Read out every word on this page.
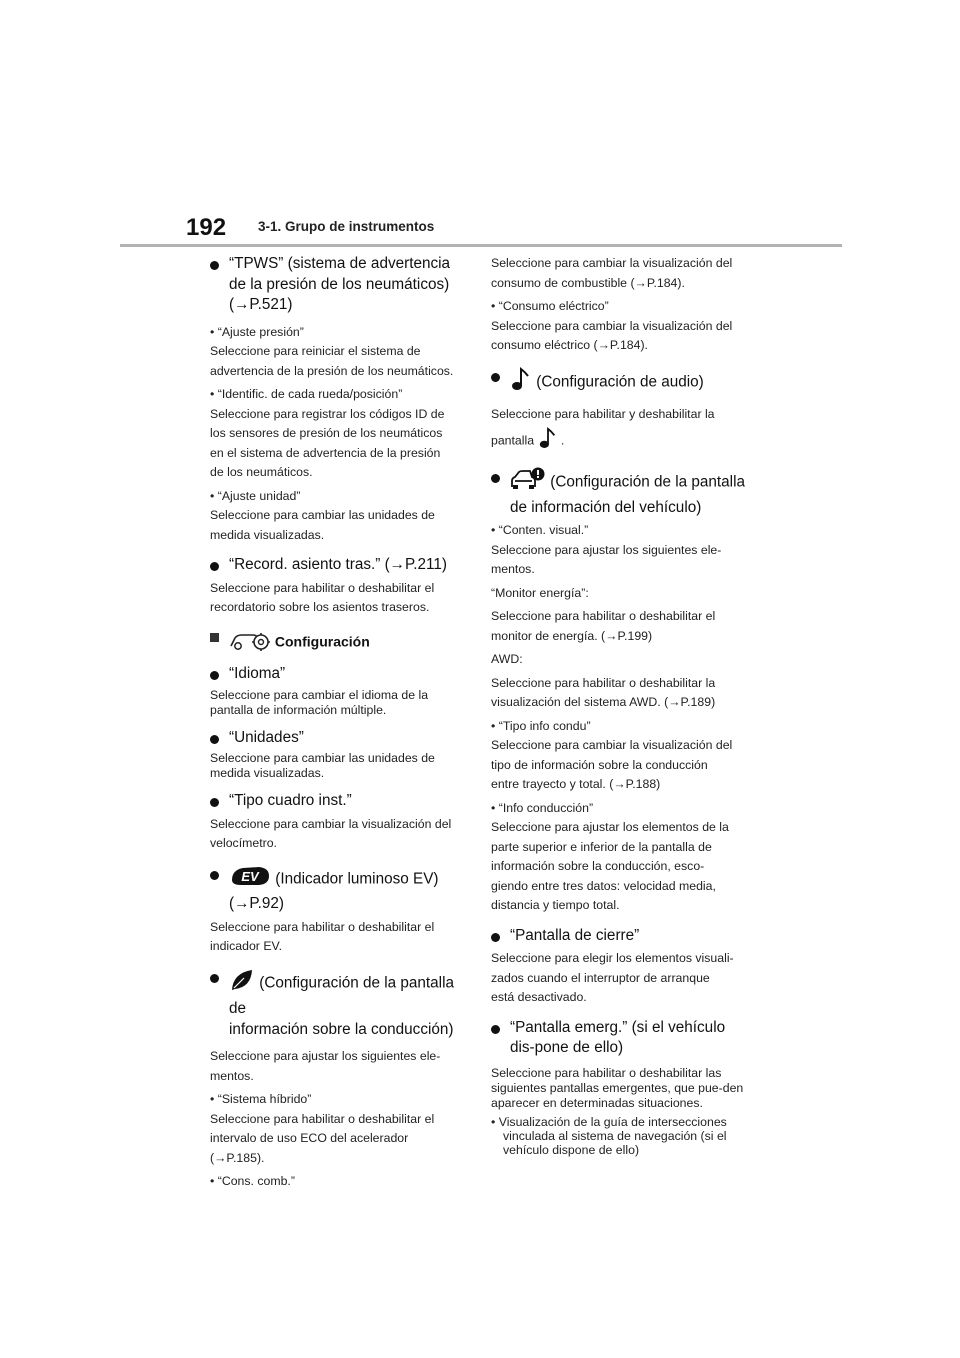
192 3-1. Grupo de instrumentos
“TPWS” (sistema de advertencia de la presión de los neumáticos)
(→P.521)

• “Ajuste presión”

Seleccione para reiniciar el sistema de

advertencia de la presión de los neumáticos.

• “Identific. de cada rueda/posición”

Seleccione para registrar los códigos ID de

los sensores de presión de los neumáticos

en el sistema de advertencia de la presión

de los neumáticos.

• “Ajuste unidad”

Seleccione para cambiar las unidades de

medida visualizadas.

“Record. asiento tras.” (→P.211)

Seleccione para habilitar o deshabilitar el

recordatorio sobre los asientos traseros.

Configuración
“Idioma”

Seleccione para cambiar el idioma de la pantalla de información múltiple.

“Unidades”

Seleccione para cambiar las unidades de medida visualizadas.

“Tipo cuadro inst.”

Seleccione para cambiar la visualización del

velocímetro.

EV (Indicador luminoso EV)
(→P.92)

Seleccione para habilitar o deshabilitar el

indicador EV.

(Configuración de la pantalla de
información sobre la conducción)

Seleccione para ajustar los siguientes ele-

mentos.

• “Sistema híbrido”

Seleccione para habilitar o deshabilitar el

intervalo de uso ECO del acelerador

(→P.185).

• “Cons. comb.”

Seleccione para cambiar la visualización del

consumo de combustible (→P.184).

• “Consumo eléctrico”

Seleccione para cambiar la visualización del

consumo eléctrico (→P.184).

(Configuración de audio)

Seleccione para habilitar y deshabilitar la

pantalla .

(Configuración de la pantalla
de información del vehículo)

• “Conten. visual.”

Seleccione para ajustar los siguientes ele-

mentos.

“Monitor energía”:

Seleccione para habilitar o deshabilitar el

monitor de energía. (→P.199)

AWD:

Seleccione para habilitar o deshabilitar la

visualización del sistema AWD. (→P.189)

• “Tipo info condu”

Seleccione para cambiar la visualización del

tipo de información sobre la conducción

entre trayecto y total. (→P.188)

• “Info conducción”

Seleccione para ajustar los elementos de la

parte superior e inferior de la pantalla de

información sobre la conducción, esco-

giendo entre tres datos: velocidad media,

distancia y tiempo total.

“Pantalla de cierre”

Seleccione para elegir los elementos visuali-

zados cuando el interruptor de arranque

está desactivado.

“Pantalla emerg.” (si el vehículo dis-pone de ello)

Seleccione para habilitar o deshabilitar las siguientes pantallas emergentes, que pue-den aparecer en determinadas situaciones.

• Visualización de la guía de intersecciones vinculada al sistema de navegación (si el vehículo dispone de ello)
